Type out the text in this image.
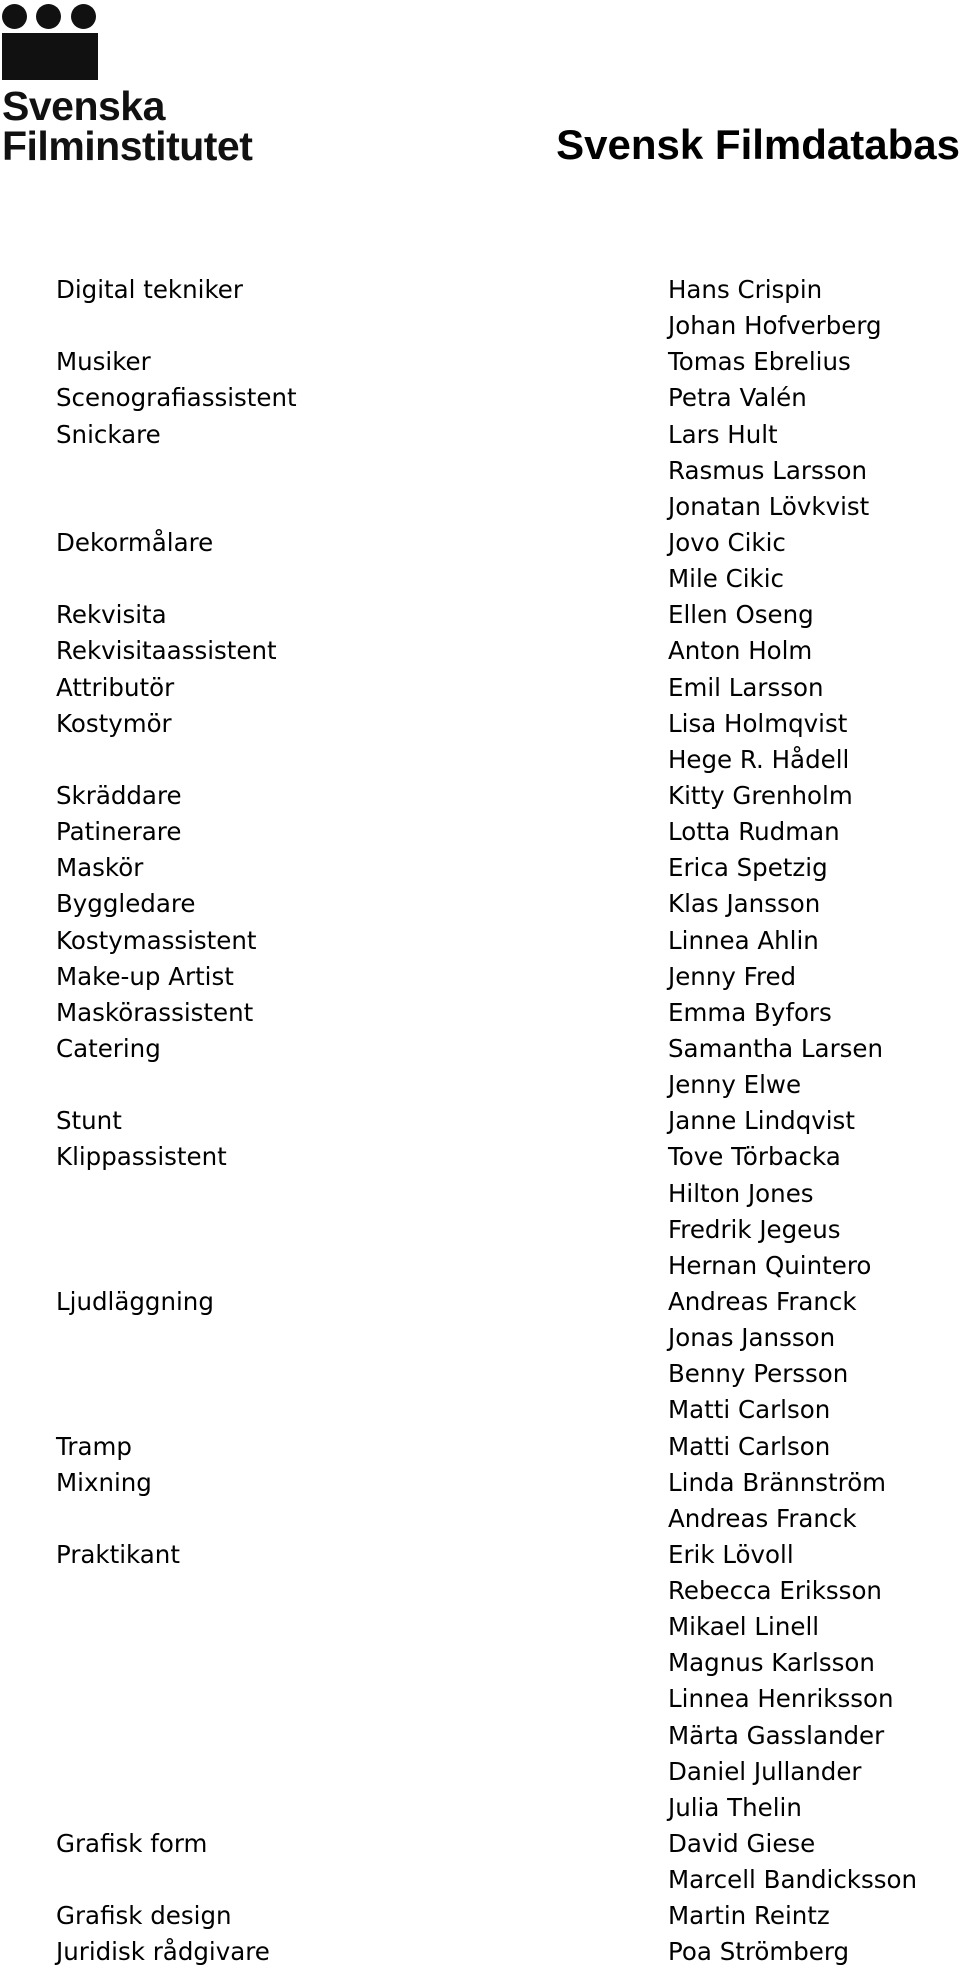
Svenska
Filminstitutet	Svensk Filmdatabas
Digital tekniker	Hans Crispin
Johan Hofverberg
Musiker	Tomas Ebrelius
Scenografiassistent	Petra Valén
Snickare	Lars Hult
Rasmus Larsson
Jonatan Lövkvist
Dekormålare	Jovo Cikic
Mile Cikic
Rekvisita	Ellen Oseng
Rekvisitaassistent	Anton Holm
Attributör	Emil Larsson
Kostymör	Lisa Holmqvist
Hege R. Hådell
Skräddare	Kitty Grenholm
Patinerare	Lotta Rudman
Maskör	Erica Spetzig
Byggledare	Klas Jansson
Kostymassistent	Linnea Ahlin
Make-up Artist	Jenny Fred
Maskörassistent	Emma Byfors
Catering	Samantha Larsen
Jenny Elwe
Stunt	Janne Lindqvist
Klippassistent	Tove Törbacka
Hilton Jones
Fredrik Jegeus
Hernan Quintero
Ljudläggning	Andreas Franck
Jonas Jansson
Benny Persson
Matti Carlson
Tramp	Matti Carlson
Mixning	Linda Brännström
Andreas Franck
Praktikant	Erik Lövoll
Rebecca Eriksson
Mikael Linell
Magnus Karlsson
Linnea Henriksson
Märta Gasslander
Daniel Jullander
Julia Thelin
Grafisk form	David Giese
Marcell Bandicksson
Grafisk design	Martin Reintz
Juridisk rådgivare	Poa Strömberg
